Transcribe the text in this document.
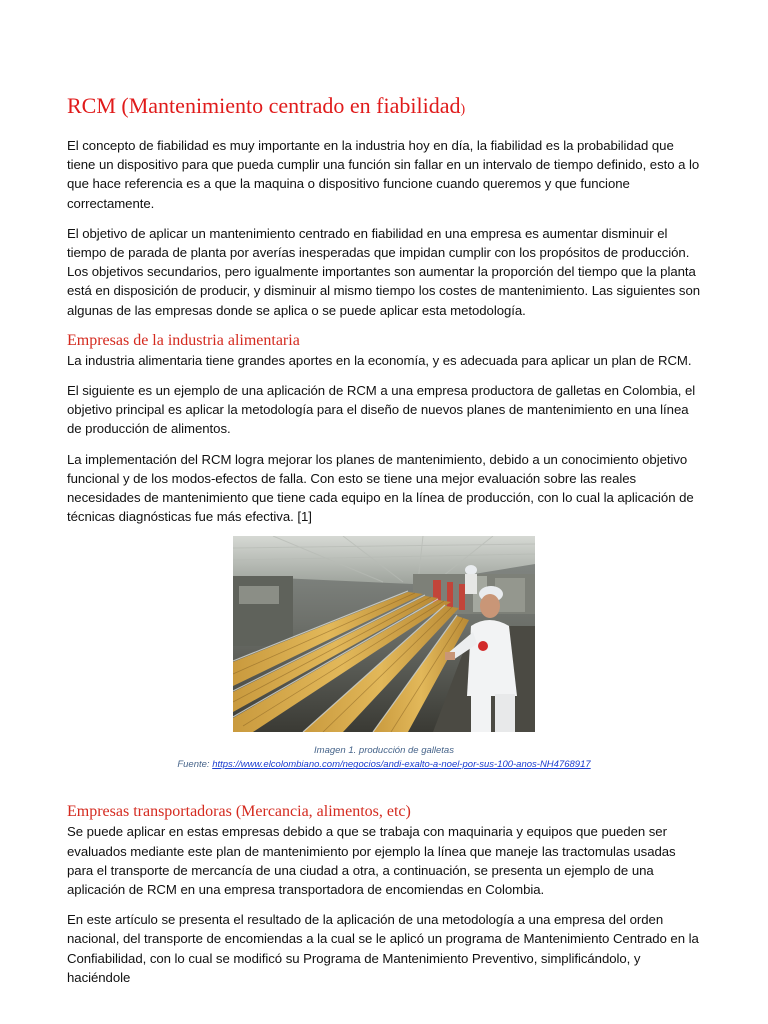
RCM (Mantenimiento centrado en fiabilidad)

El concepto de fiabilidad es muy importante en la industria hoy en día, la fiabilidad es la probabilidad que tiene un dispositivo para que pueda cumplir una función sin fallar en un intervalo de tiempo definido, esto a lo que hace referencia es a que la maquina o dispositivo funcione cuando queremos y que funcione correctamente.

El objetivo de aplicar un mantenimiento centrado en fiabilidad en una empresa es aumentar disminuir el tiempo de parada de planta por averías inesperadas que impidan cumplir con los propósitos de producción. Los objetivos secundarios, pero igualmente importantes son aumentar la proporción del tiempo que la planta está en disposición de producir, y disminuir al mismo tiempo los costes de mantenimiento. Las siguientes son algunas de las empresas donde se aplica o se puede aplicar esta metodología.

Empresas de la industria alimentaria

La industria alimentaria tiene grandes aportes en la economía, y es adecuada para aplicar un plan de RCM.

El siguiente es un ejemplo de una aplicación de RCM a una empresa productora de galletas en Colombia, el objetivo principal es aplicar la metodología para el diseño de nuevos planes de mantenimiento en una línea de producción de alimentos.

La implementación del RCM logra mejorar los planes de mantenimiento, debido a un conocimiento objetivo funcional y de los modos-efectos de falla. Con esto se tiene una mejor evaluación sobre las reales necesidades de mantenimiento que tiene cada equipo en la línea de producción, con lo cual la aplicación de técnicas diagnósticas fue más efectiva. [1]

Imagen 1. producción de galletas
Fuente: https://www.elcolombiano.com/negocios/andi-exalto-a-noel-por-sus-100-anos-NH4768917
Empresas transportadoras (Mercancia, alimentos, etc)

Se puede aplicar en estas empresas debido a que se trabaja con maquinaria y equipos que pueden ser evaluados mediante este plan de mantenimiento por ejemplo la línea que maneje las tractomulas usadas para el transporte de mercancía de una ciudad a otra, a continuación, se presenta un ejemplo de una aplicación de RCM en una empresa transportadora de encomiendas en Colombia.

En este artículo se presenta el resultado de la aplicación de una metodología a una empresa del orden nacional, del transporte de encomiendas a la cual se le aplicó un programa de Mantenimiento Centrado en la Confiabilidad, con lo cual se modificó su Programa de Mantenimiento Preventivo, simplificándolo, y haciéndole
